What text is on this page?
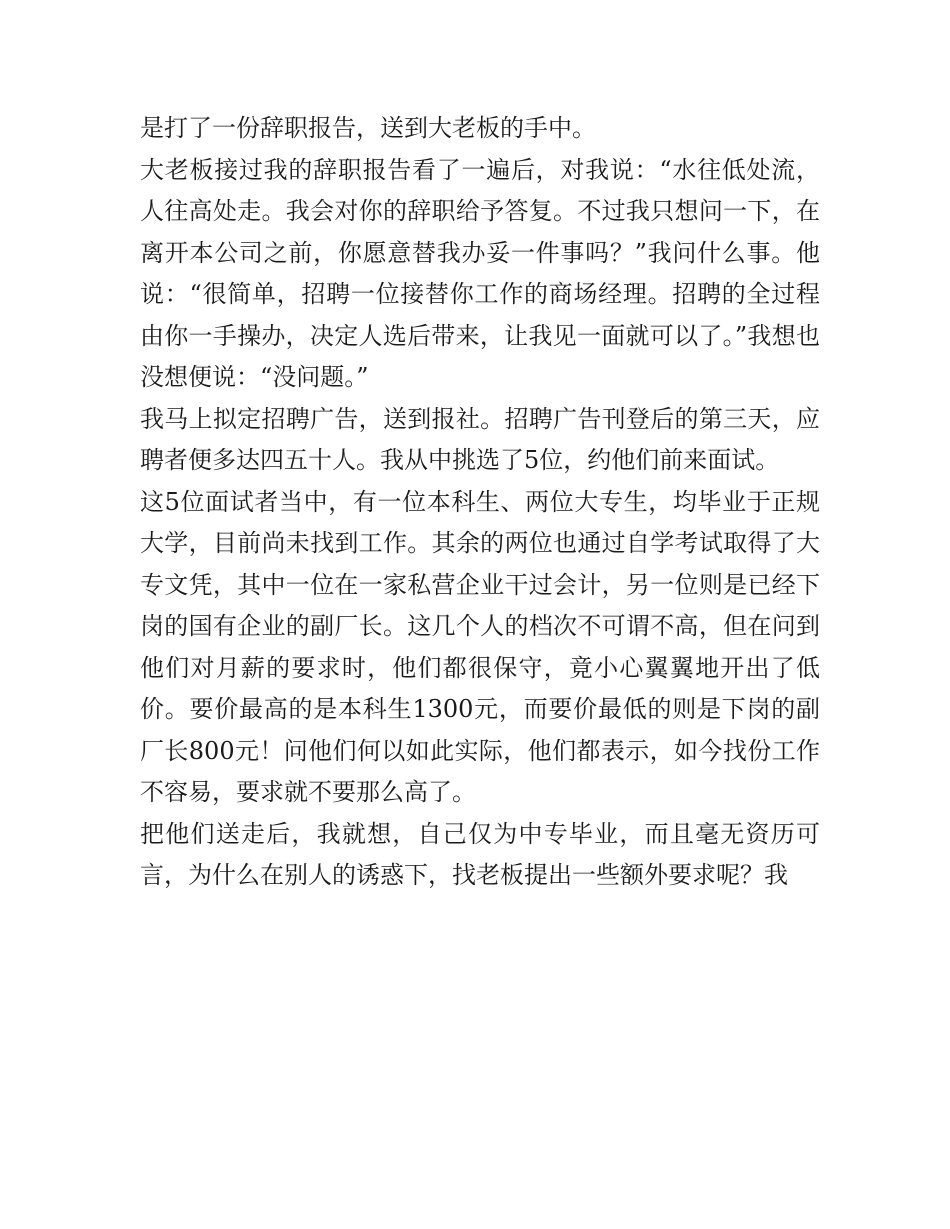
是打了一份辞职报告，送到大老板的手中。

大老板接过我的辞职报告看了一遍后，对我说：“水往低处流，人往高处走。我会对你的辞职给予答复。不过我只想问一下，在离开本公司之前，你愿意替我办妥一件事吗？”我问什么事。他说：“很简单，招聘一位接替你工作的商场经理。招聘的全过程由你一手操办，决定人选后带来，让我见一面就可以了。”我想也没想便说：“没问题。”

我马上拟定招聘广告，送到报社。招聘广告刊登后的第三天，应聘者便多达四五十人。我从中挑选了5位，约他们前来面试。

这5位面试者当中，有一位本科生、两位大专生，均毕业于正规大学，目前尚未找到工作。其余的两位也通过自学考试取得了大专文凭，其中一位在一家私营企业干过会计，另一位则是已经下岗的国有企业的副厂长。这几个人的档次不可谓不高，但在问到他们对月薪的要求时，他们都很保守，竟小心翼翼地开出了低价。要价最高的是本科生1300元，而要价最低的则是下岗的副厂长800元！问他们何以如此实际，他们都表示，如今找份工作不容易，要求就不要那么高了。

把他们送走后，我就想，自己仅为中专毕业，而且毫无资历可言，为什么在别人的诱惑下，找老板提出一些额外要求呢？我
